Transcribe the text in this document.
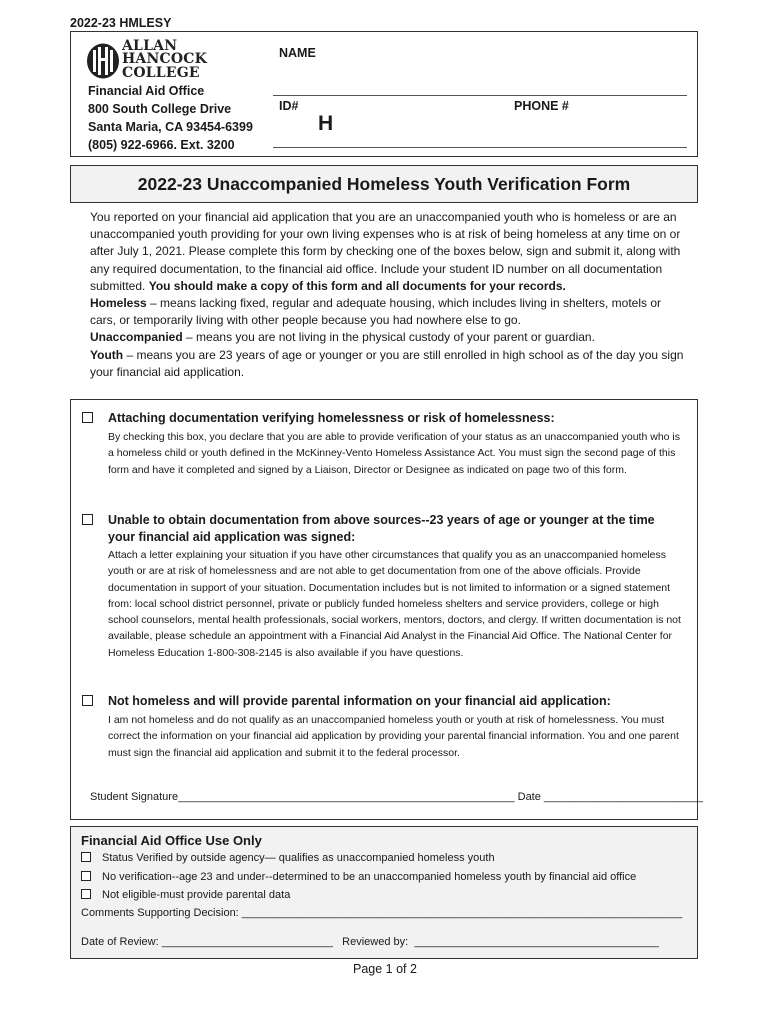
2022-23 HMLESY
ALLAN
HANCOCK
COLLEGE
Financial Aid Office
800 South College Drive
Santa Maria, CA 93454-6399
(805) 922-6966. Ext. 3200
NAME
ID#	PHONE #
H
2022-23 Unaccompanied Homeless Youth Verification Form
You reported on your financial aid application that you are an unaccompanied youth who is homeless or are an unaccompanied youth providing for your own living expenses who is at risk of being homeless at any time on or after July 1, 2021. Please complete this form by checking one of the boxes below, sign and submit it, along with any required documentation, to the financial aid office. Include your student ID number on all documentation submitted. You should make a copy of this form and all documents for your records.
Homeless – means lacking fixed, regular and adequate housing, which includes living in shelters, motels or cars, or temporarily living with other people because you had nowhere else to go.
Unaccompanied – means you are not living in the physical custody of your parent or guardian.
Youth – means you are 23 years of age or younger or you are still enrolled in high school as of the day you sign your financial aid application.
Attaching documentation verifying homelessness or risk of homelessness:
By checking this box, you declare that you are able to provide verification of your status as an unaccompanied youth who is a homeless child or youth defined in the McKinney-Vento Homeless Assistance Act. You must sign the second page of this form and have it completed and signed by a Liaison, Director or Designee as indicated on page two of this form.
Unable to obtain documentation from above sources--23 years of age or younger at the time your financial aid application was signed:
Attach a letter explaining your situation if you have other circumstances that qualify you as an unaccompanied homeless youth or are at risk of homelessness and are not able to get documentation from one of the above officials. Provide documentation in support of your situation. Documentation includes but is not limited to information or a signed statement from: local school district personnel, private or publicly funded homeless shelters and service providers, college or high school counselors, mental health professionals, social workers, mentors, doctors, and clergy. If written documentation is not available, please schedule an appointment with a Financial Aid Analyst in the Financial Aid Office. The National Center for Homeless Education 1-800-308-2145 is also available if you have questions.
Not homeless and will provide parental information on your financial aid application:
I am not homeless and do not qualify as an unaccompanied homeless youth or youth at risk of homelessness. You must correct the information on your financial aid application by providing your parental financial information. You and one parent must sign the financial aid application and submit it to the federal processor.
Student Signature_______________________________________________________ Date __________________________
Financial Aid Office Use Only
Status Verified by outside agency— qualifies as unaccompanied homeless youth
No verification--age 23 and under--determined to be an unaccompanied homeless youth by financial aid office
Not eligible-must provide parental data
Comments Supporting Decision: ________________________________________________________________________
Date of Review: ____________________________   Reviewed by:  ________________________________________
Page 1 of 2
